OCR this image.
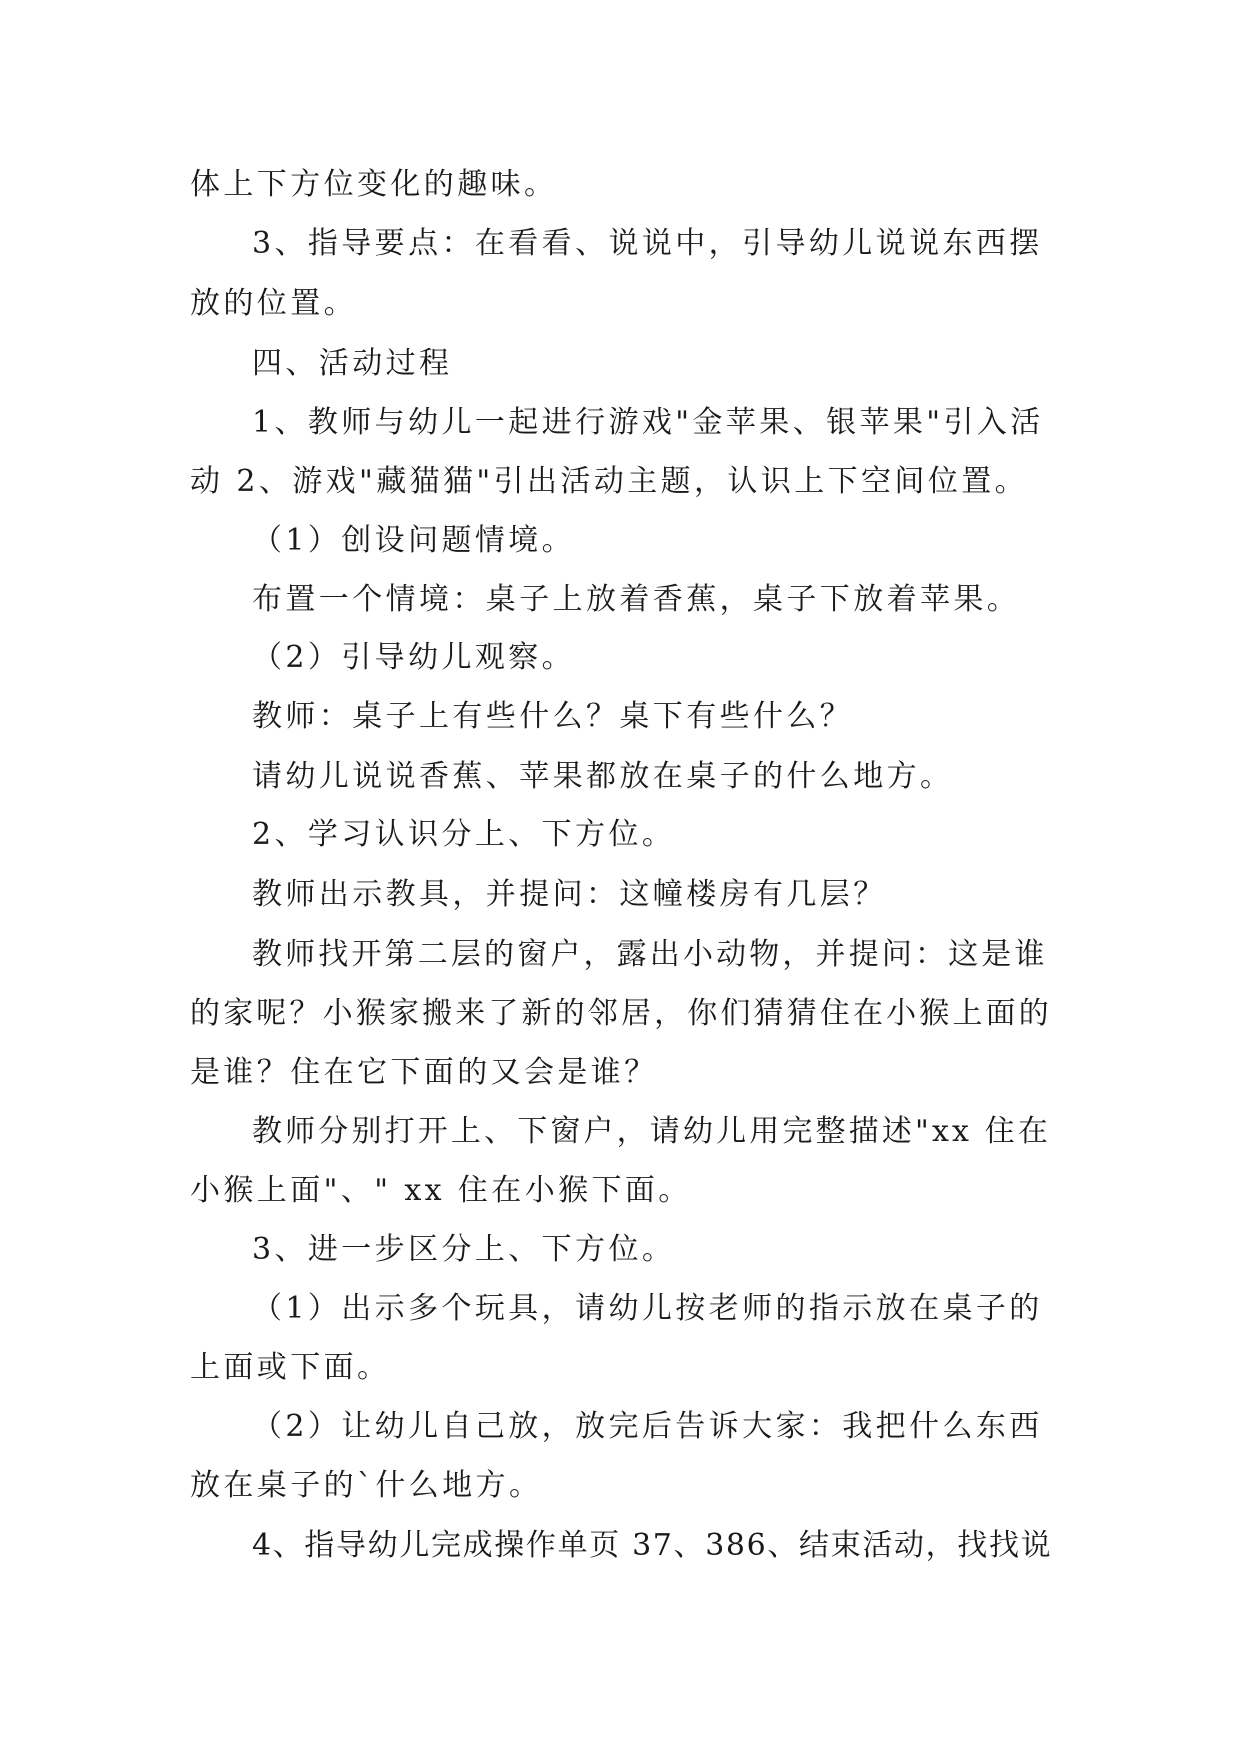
体上下方位变化的趣味。
3、指导要点：在看看、说说中，引导幼儿说说东西摆
放的位置。
四、活动过程
1、教师与幼儿一起进行游戏"金苹果、银苹果"引入活
动 2、游戏"藏猫猫"引出活动主题，认识上下空间位置。
（1）创设问题情境。
布置一个情境：桌子上放着香蕉，桌子下放着苹果。
（2）引导幼儿观察。
教师：桌子上有些什么？桌下有些什么？
请幼儿说说香蕉、苹果都放在桌子的什么地方。
2、学习认识分上、下方位。
教师出示教具，并提问：这幢楼房有几层？
教师找开第二层的窗户，露出小动物，并提问：这是谁
的家呢？小猴家搬来了新的邻居，你们猜猜住在小猴上面的
是谁？住在它下面的又会是谁？
教师分别打开上、下窗户，请幼儿用完整描述"xx 住在
小猴上面"、" xx 住在小猴下面。
3、进一步区分上、下方位。
（1）出示多个玩具，请幼儿按老师的指示放在桌子的
上面或下面。
（2）让幼儿自己放，放完后告诉大家：我把什么东西
放在桌子的`什么地方。
4、指导幼儿完成操作单页 37、386、结束活动，找找说
